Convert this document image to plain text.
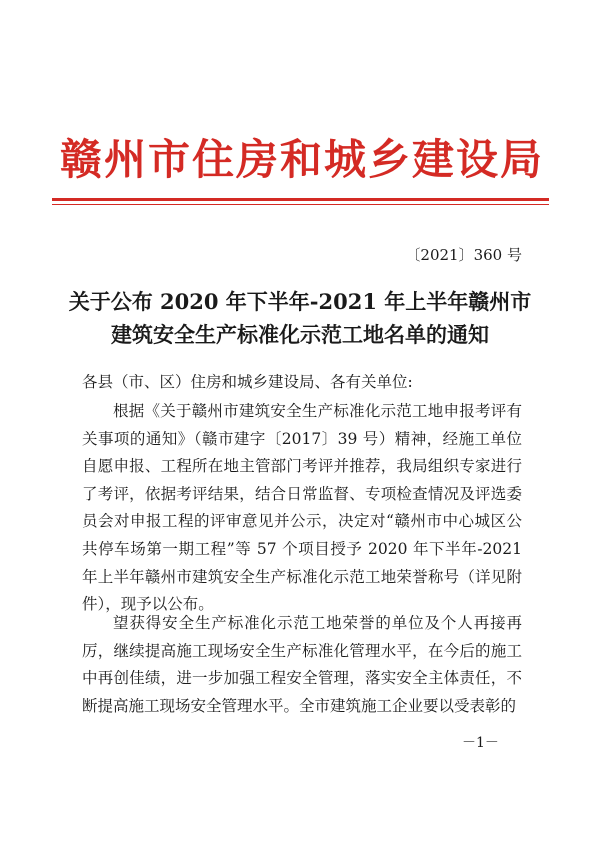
赣州市住房和城乡建设局
〔2021〕360 号
关于公布 2020 年下半年-2021 年上半年赣州市
建筑安全生产标准化示范工地名单的通知
各县（市、区）住房和城乡建设局、各有关单位:
根据《关于赣州市建筑安全生产标准化示范工地申报考评有关事项的通知》（赣市建字〔2017〕39 号）精神，经施工单位自愿申报、工程所在地主管部门考评并推荐，我局组织专家进行了考评，依据考评结果，结合日常监督、专项检查情况及评选委员会对申报工程的评审意见并公示，决定对“赣州市中心城区公共停车场第一期工程”等 57 个项目授予 2020 年下半年-2021 年上半年赣州市建筑安全生产标准化示范工地荣誉称号（详见附件），现予以公布。
望获得安全生产标准化示范工地荣誉的单位及个人再接再厉，继续提高施工现场安全生产标准化管理水平，在今后的施工中再创佳绩，进一步加强工程安全管理，落实安全主体责任，不断提高施工现场安全管理水平。全市建筑施工企业要以受表彰的
－1－
